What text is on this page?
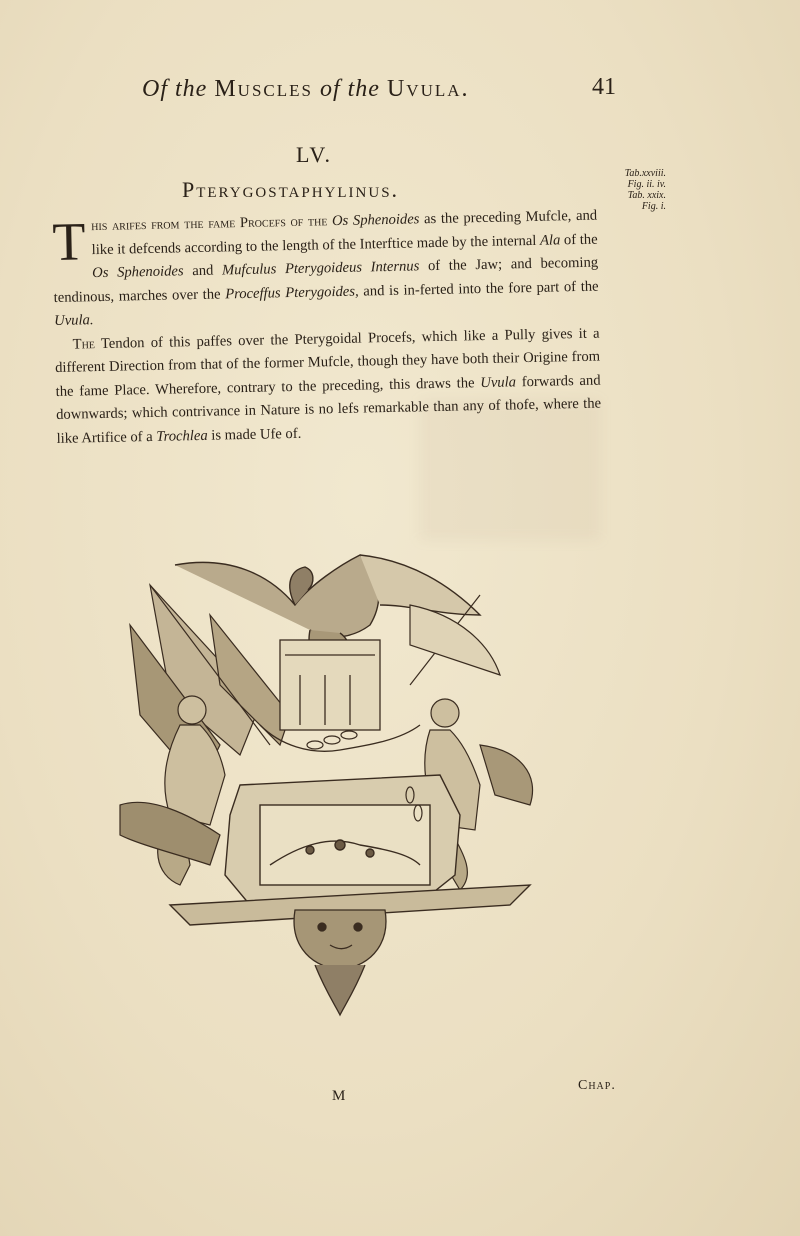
Of the Muscles of the Uvula.	41
LV.
Pterygostaphylinus.
Tab.xxviii.
Fig. ii. iv.
Tab. xxix.
Fig. i.

This arifes from the fame Procefs of the Os Sphenoides as the preceding Mufcle, and like it defcends according to the length of the Interftice made by the internal Ala of the Os Sphenoides and Mufculus Pterygoideus Internus of the Jaw; and becoming tendinous, marches over the Proceffus Pterygoides, and is in-ferted into the fore part of the Uvula.

The Tendon of this paffes over the Pterygoidal Procefs, which like a Pully gives it a different Direction from that of the former Mufcle, though they have both their Origine from the fame Place. Wherefore, contrary to the preceding, this draws the Uvula forwards and downwards; which contrivance in Nature is no lefs remarkable than any of thofe, where the like Artifice of a Trochlea is made Ufe of.

M
Chap.
